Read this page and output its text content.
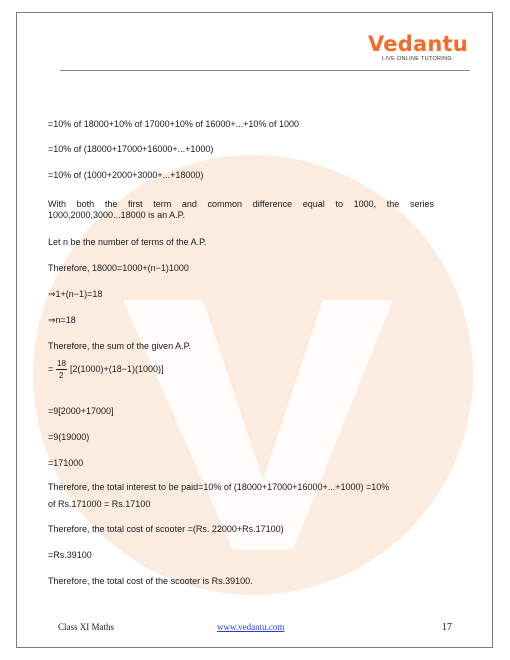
Vedantu
LIVE ONLINE TUTORING
=10% of 18000+10% of 17000+10% of 16000+...+10% of 1000
=10% of (18000+17000+16000+...+1000)
=10% of (1000+2000+3000+...+18000)
With both the first term and common difference equal to 1000, the series 1000,2000,3000...18000 is an A.P.
Let n be the number of terms of the A.P.
Therefore, 18000=1000+(n−1)1000
⇒1+(n−1)=18
⇒n=18
Therefore, the sum of the given A.P.
=
18
2
[2(1000)+(18−1)(1000)]
=9[2000+17000]
=9(19000)
=171000
Therefore, the total interest to be paid=10% of (18000+17000+16000+...+1000) =10%
of Rs.171000 = Rs.17100
Therefore, the total cost of scooter =(Rs. 22000+Rs.17100)
=Rs.39100
Therefore, the total cost of the scooter is Rs.39100.
Class XI Maths	www.vedantu.com	17
